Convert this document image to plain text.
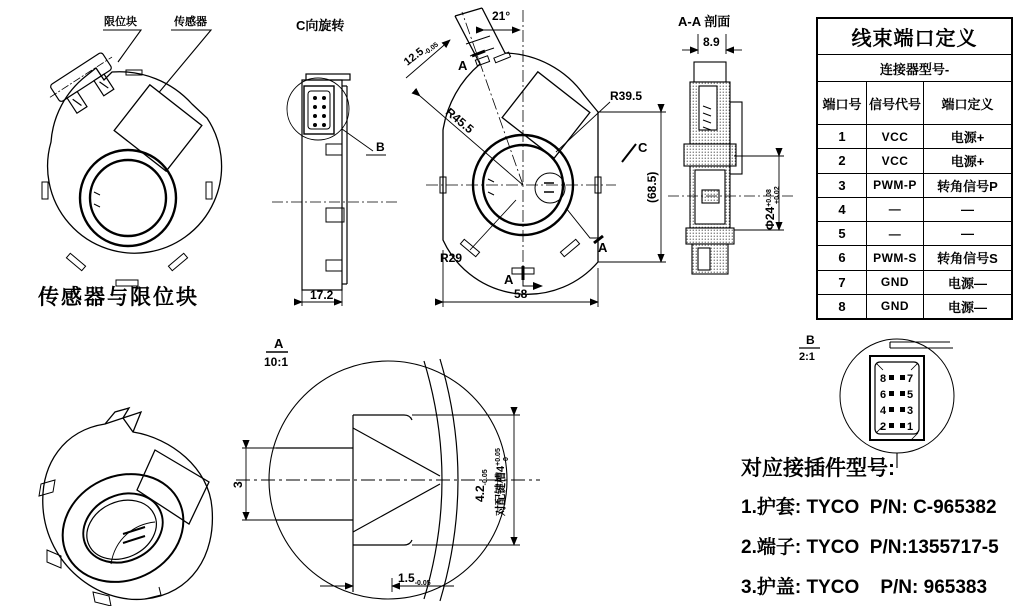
限位块	传感器
传感器与限位块
C向旋转
B
17.2
21°
$12.5_{-0.05}$
R39.5
R45.5
R29
58
(68.5)
A
A
A
C
A-A 剖面
8.9
$\Phi 24^{+0.08}+0.02$
线束端口定义
连接器型号-
端口号 信号代号	端口定义
1	VCC	电源+
2	VCC	电源+
3	PWM-P	转角信号P
4	—	—
5	—	—
6	PWM-S	转角信号S
7	GND	电源—
8	GND	电源—
A
10:1
3
$4.2_{-0.05}$ 对配键槽$4^{+0.05}0$
$1.5_{-0.05}$
B
2:1
8 7
6 5
4 3
2 1
对应接插件型号:
1.护套: TYCO  P/N: C-965382
2.端子: TYCO  P/N:1355717-5
3.护盖: TYCO    P/N: 965383
